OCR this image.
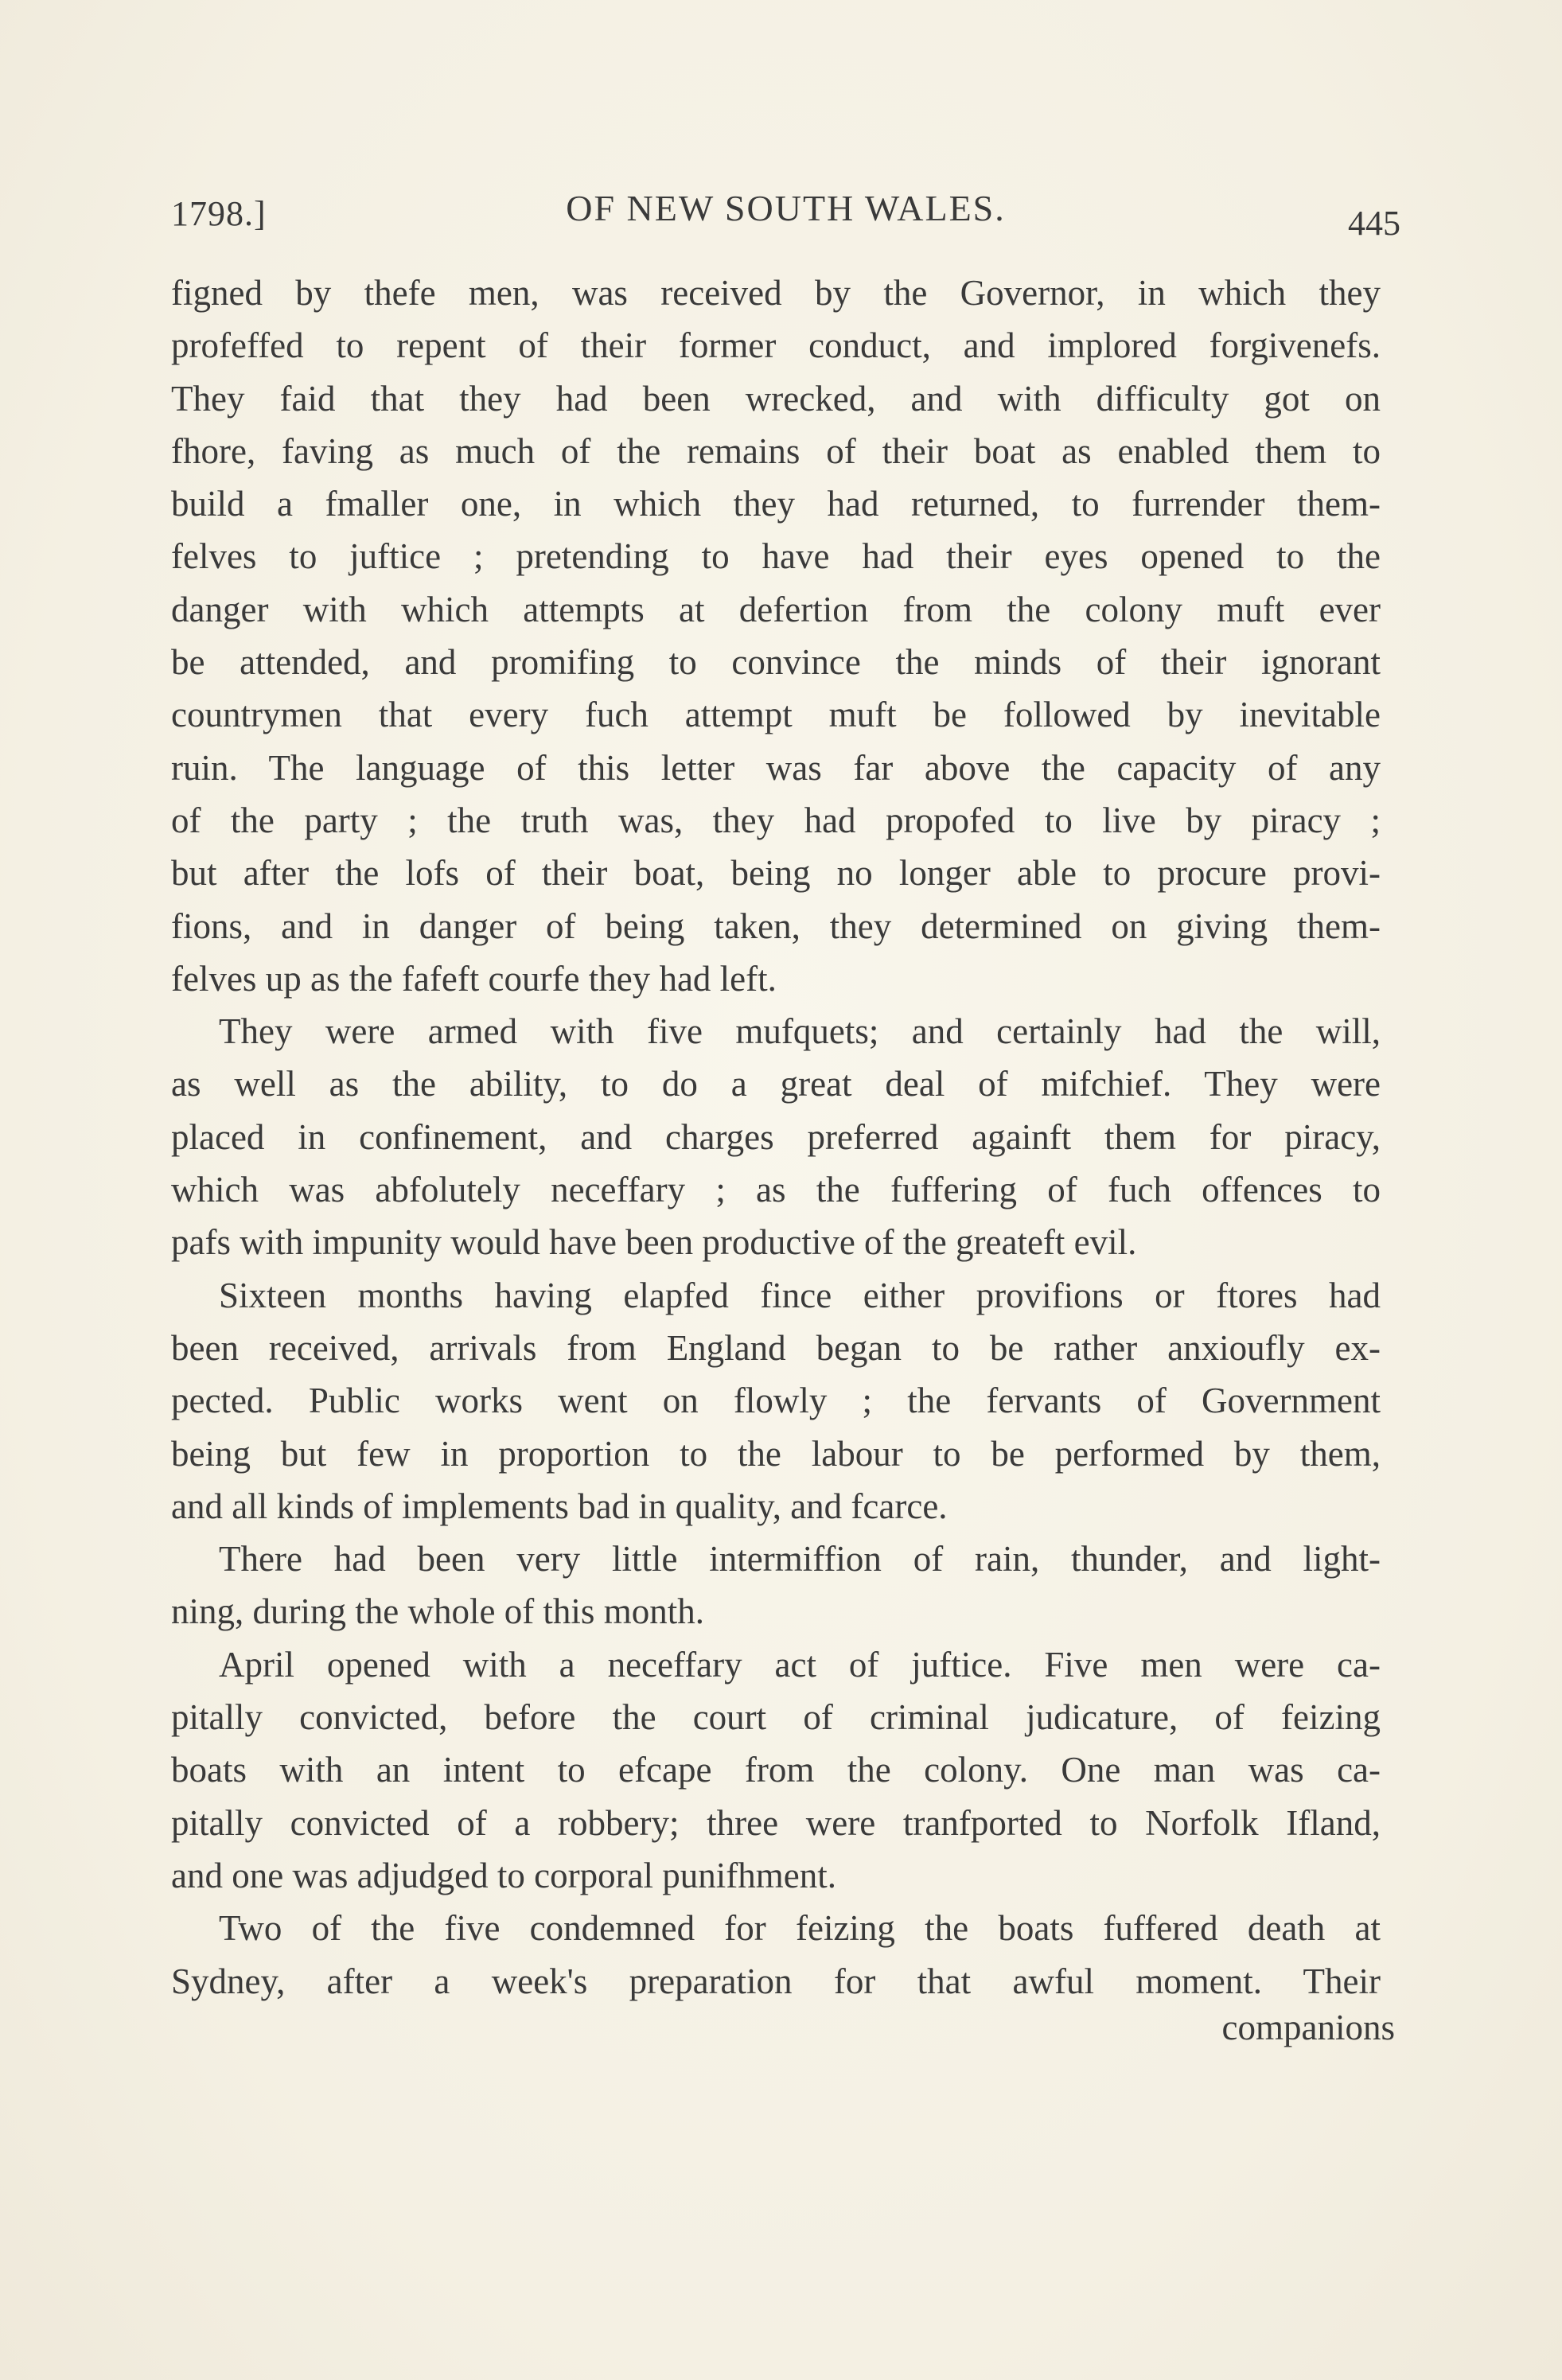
1798.]	OF NEW SOUTH WALES.	445
figned by thefe men, was received by the Governor, in which they
profeffed to repent of their former conduct, and implored forgivenefs.
They faid that they had been wrecked, and with difficulty got on
fhore, faving as much of the remains of their boat as enabled them to
build a fmaller one, in which they had returned, to furrender them-
felves to juftice ; pretending to have had their eyes opened to the
danger with which attempts at defertion from the colony muft ever
be attended, and promifing to convince the minds of their ignorant
countrymen that every fuch attempt muft be followed by inevitable
ruin. The language of this letter was far above the capacity of any
of the party ; the truth was, they had propofed to live by piracy ;
but after the lofs of their boat, being no longer able to procure provi-
fions, and in danger of being taken, they determined on giving them-
felves up as the fafeft courfe they had left.
They were armed with five mufquets; and certainly had the will,
as well as the ability, to do a great deal of mifchief. They were
placed in confinement, and charges preferred againft them for piracy,
which was abfolutely neceffary ; as the fuffering of fuch offences to
pafs with impunity would have been productive of the greateft evil.
Sixteen months having elapfed fince either provifions or ftores had
been received, arrivals from England began to be rather anxioufly ex-
pected. Public works went on flowly ; the fervants of Government
being but few in proportion to the labour to be performed by them,
and all kinds of implements bad in quality, and fcarce.
There had been very little intermiffion of rain, thunder, and light-
ning, during the whole of this month.
April opened with a neceffary act of juftice. Five men were ca-
pitally convicted, before the court of criminal judicature, of feizing
boats with an intent to efcape from the colony. One man was ca-
pitally convicted of a robbery; three were tranfported to Norfolk Ifland,
and one was adjudged to corporal punifhment.
Two of the five condemned for feizing the boats fuffered death at
Sydney, after a week's preparation for that awful moment. Their
companions
